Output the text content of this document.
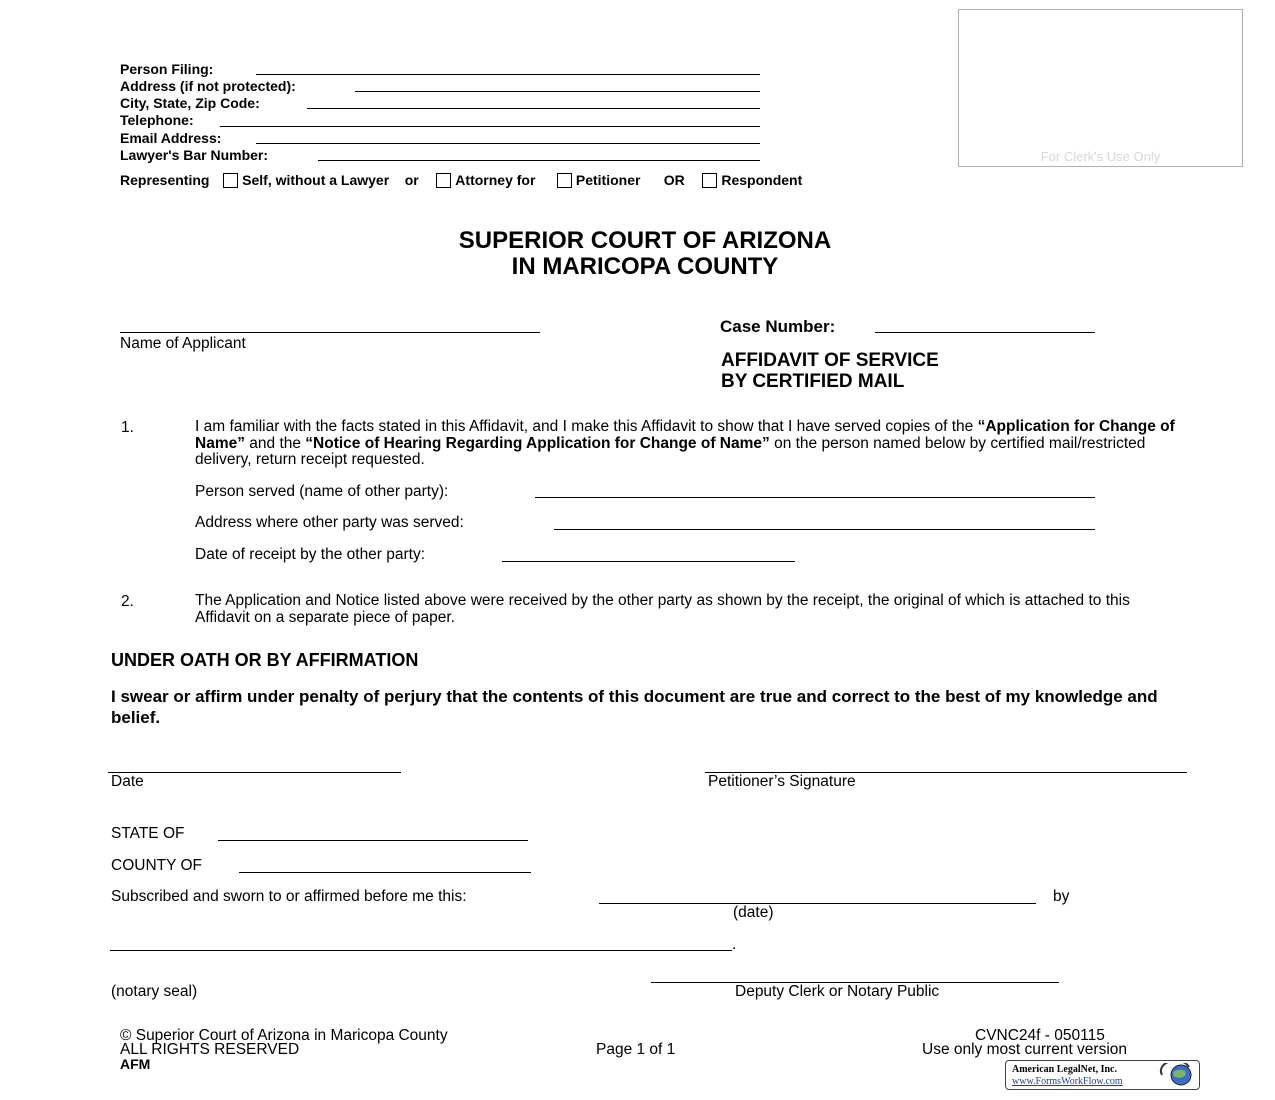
For Clerk's Use Only
Person Filing:
Address (if not protected):
City, State, Zip Code:
Telephone:
Email Address:
Lawyer's Bar Number:
Representing Self, without a Lawyer or	Attorney for	Petitioner OR	Respondent
SUPERIOR COURT OF ARIZONA
IN MARICOPA COUNTY
Name of Applicant
Case Number:
AFFIDAVIT OF SERVICE
BY CERTIFIED MAIL
1.	I am familiar with the facts stated in this Affidavit, and I make this Affidavit to show that I have served copies of the “Application for Change of Name” and the “Notice of Hearing Regarding Application for Change of Name” on the person named below by certified mail/restricted delivery, return receipt requested.
Person served (name of other party):
Address where other party was served:
Date of receipt by the other party:
2.	The Application and Notice listed above were received by the other party as shown by the receipt, the original of which is attached to this Affidavit on a separate piece of paper.
UNDER OATH OR BY AFFIRMATION
I swear or affirm under penalty of perjury that the contents of this document are true and correct to the best of my knowledge and belief.
Date	Petitioner’s Signature
STATE OF
COUNTY OF
Subscribed and sworn to or affirmed before me this:	by
(date)
.
(notary seal)	Deputy Clerk or Notary Public
© Superior Court of Arizona in Maricopa County
ALL RIGHTS RESERVED
AFM
Page 1 of 1
CVNC24f - 050115
Use only most current version
American LegalNet, Inc.
www.FormsWorkFlow.com
